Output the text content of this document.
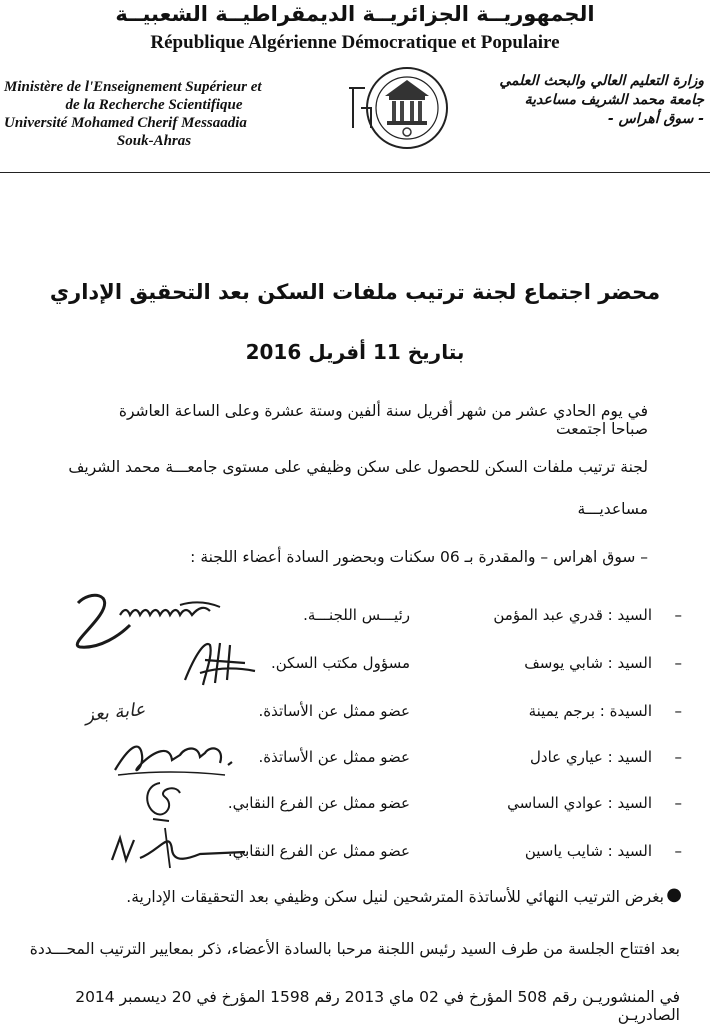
الجمهوريــة الجزائريــة الديمقراطيــة الشعبيــة
République Algérienne Démocratique et Populaire
Ministère de l'Enseignement Supérieur et
de la Recherche Scientifique
Université Mohamed Cherif Messaadia
Souk-Ahras
وزارة التعليم العالي والبحث العلمي
جامعة محمد الشريف مساعدية
- سوق أهراس -
محضر اجتماع لجنة ترتيب ملفات السكن بعد التحقيق الإداري
بتاريخ 11 أفريل 2016
في يوم الحادي عشر من شهر أفريل سنة ألفين وستة عشرة وعلى الساعة العاشرة صباحا اجتمعت
لجنة ترتيب ملفات السكن للحصول على سكن وظيفي على مستوى جامعـــة محمد الشريف
مساعديـــة
– سوق اهراس – والمقدرة بـ 06 سكنات وبحضور السادة أعضاء اللجنة :
–
السيد : قدري عبد المؤمن
رئيـــس اللجنـــة.
–
السيد : شابي يوسف
مسؤول مكتب السكن.
–
السيدة : برجم يمينة
عضو ممثل عن الأساتذة.
–
السيد : عياري عادل
عضو ممثل عن الأساتذة.
–
السيد : عوادي الساسي
عضو ممثل عن الفرع النقابي.
–
السيد : شايب ياسين
عضو ممثل عن الفرع النقابي.
عابة بعز
●
بغرض الترتيب النهائي للأساتذة المترشحين لنيل سكن وظيفي بعد التحقيقات الإدارية.
بعد افتتاح الجلسة من طرف السيد رئيس اللجنة مرحبا بالسادة الأعضاء، ذكر بمعايير الترتيب المحـــددة
في المنشوريـن رقم 508 المؤرخ في 02 ماي 2013 رقم 1598 المؤرخ في 20 ديسمبر 2014 الصادريـن
